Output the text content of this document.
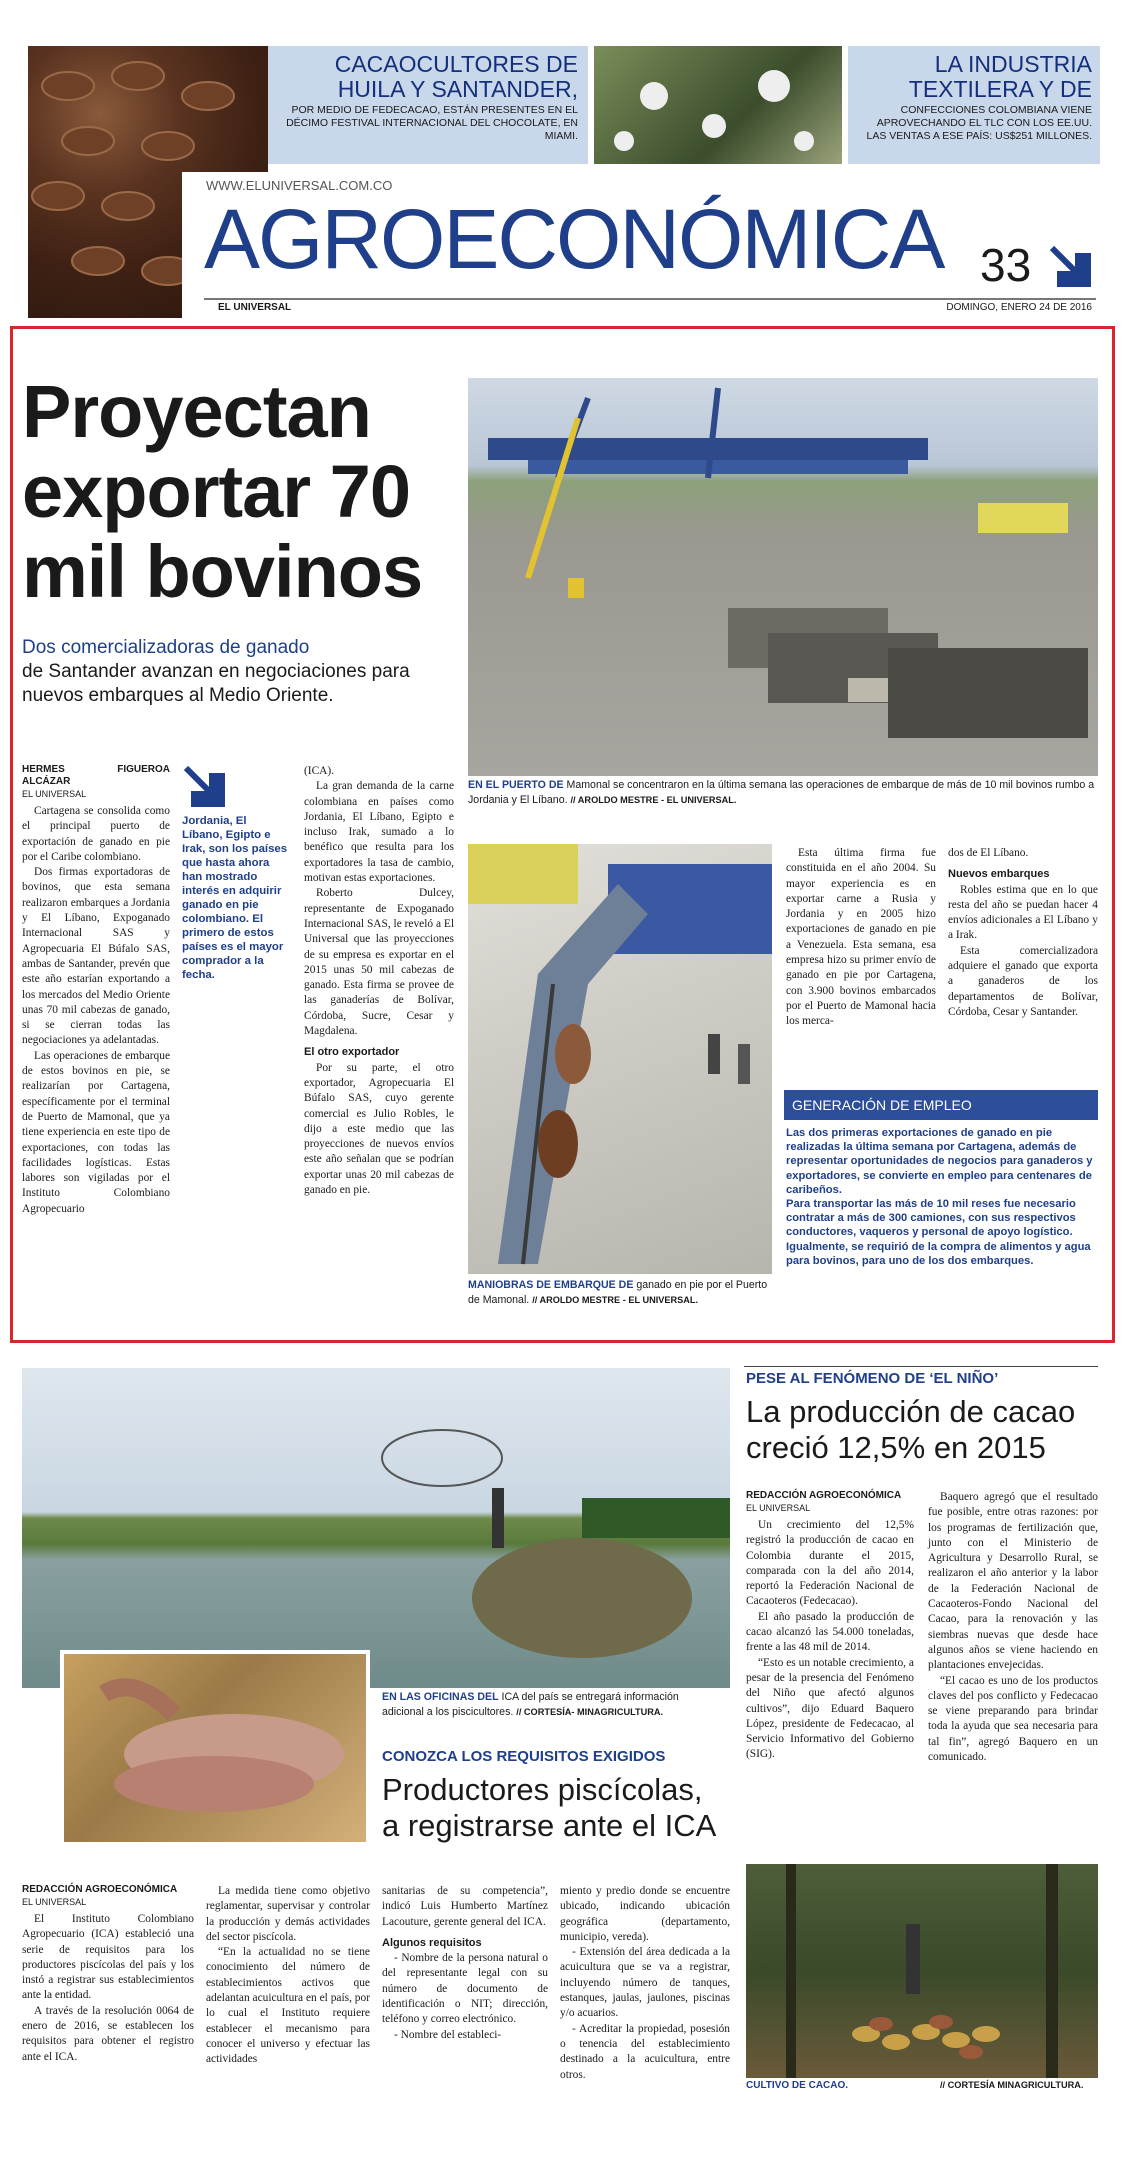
CACAOCULTORES DE HUILA Y SANTANDER,
POR MEDIO DE FEDECACAO, ESTÁN PRESENTES EN EL DÉCIMO FESTIVAL INTERNACIONAL DEL CHOCOLATE, EN MIAMI.
LA INDUSTRIA TEXTILERA Y DE
CONFECCIONES COLOMBIANA VIENE APROVECHANDO EL TLC CON LOS EE.UU. LAS VENTAS A ESE PAÍS: US$251 MILLONES.
WWW.ELUNIVERSAL.COM.CO
AGROECONÓMICA 33
EL UNIVERSAL	DOMINGO, ENERO 24 DE 2016
Proyectan exportar 70 mil bovinos
Dos comercializadoras de ganado
de Santander avanzan en negociaciones para nuevos embarques al Medio Oriente.
EN EL PUERTO DE Mamonal se concentraron en la última semana las operaciones de embarque de más de 10 mil bovinos rumbo a Jordania y El Líbano. // AROLDO MESTRE - EL UNIVERSAL.
HERMES FIGUEROA ALCÁZAR
EL UNIVERSAL

Cartagena se consolida como el principal puerto de exportación de ganado en pie por el Caribe colombiano.

Dos firmas exportadoras de bovinos, que esta semana realizaron embarques a Jordania y El Líbano, Expoganado Internacional SAS y Agropecuaria El Búfalo SAS, ambas de Santander, prevén que este año estarían exportando a los mercados del Medio Oriente unas 70 mil cabezas de ganado, si se cierran todas las negociaciones ya adelantadas.

Las operaciones de embarque de estos bovinos en pie, se realizarían por Cartagena, específicamente por el terminal de Puerto de Mamonal, que ya tiene experiencia en este tipo de exportaciones, con todas las facilidades logísticas. Estas labores son vigiladas por el Instituto Colombiano Agropecuario

Jordania, El Líbano, Egipto e Irak, son los países que hasta ahora han mostrado interés en adquirir ganado en pie colombiano. El primero de estos países es el mayor comprador a la fecha.

(ICA).

La gran demanda de la carne colombiana en países como Jordania, El Líbano, Egipto e incluso Irak, sumado a lo benéfico que resulta para los exportadores la tasa de cambio, motivan estas exportaciones.

Roberto Dulcey, representante de Expoganado Internacional SAS, le reveló a El Universal que las proyecciones de su empresa es exportar en el 2015 unas 50 mil cabezas de ganado. Esta firma se provee de las ganaderías de Bolívar, Córdoba, Sucre, Cesar y Magdalena.

El otro exportador

Por su parte, el otro exportador, Agropecuaria El Búfalo SAS, cuyo gerente comercial es Julio Robles, le dijo a este medio que las proyecciones de nuevos envíos este año señalan que se podrían exportar unas 20 mil cabezas de ganado en pie.

MANIOBRAS DE EMBARQUE DE ganado en pie por el Puerto de Mamonal. // AROLDO MESTRE - EL UNIVERSAL.

Esta última firma fue constituida en el año 2004. Su mayor experiencia es en exportar carne a Rusia y Jordania y en 2005 hizo exportaciones de ganado en pie a Venezuela. Esta semana, esa empresa hizo su primer envío de ganado en pie por Cartagena, con 3.900 bovinos embarcados por el Puerto de Mamonal hacia los merca-

dos de El Líbano.

Nuevos embarques

Robles estima que en lo que resta del año se puedan hacer 4 envíos adicionales a El Líbano y a Irak.

Esta comercializadora adquiere el ganado que exporta a ganaderos de los departamentos de Bolívar, Córdoba, Cesar y Santander.

GENERACIÓN DE EMPLEO

Las dos primeras exportaciones de ganado en pie realizadas la última semana por Cartagena, además de representar oportunidades de negocios para ganaderos y exportadores, se convierte en empleo para centenares de caribeños.

Para transportar las más de 10 mil reses fue necesario contratar a más de 300 camiones, con sus respectivos conductores, vaqueros y personal de apoyo logístico. Igualmente, se requirió de la compra de alimentos y agua para bovinos, para uno de los dos embarques.

EN LAS OFICINAS DEL ICA del país se entregará información adicional a los piscicultores. // CORTESÍA- MINAGRICULTURA.
CONOZCA LOS REQUISITOS EXIGIDOS
Productores piscícolas, a registrarse ante el ICA
REDACCIÓN AGROECONÓMICA
EL UNIVERSAL

El Instituto Colombiano Agropecuario (ICA) estableció una serie de requisitos para los productores piscícolas del país y los instó a registrar sus establecimientos ante la entidad.

A través de la resolución 0064 de enero de 2016, se establecen los requisitos para obtener el registro ante el ICA.

La medida tiene como objetivo reglamentar, supervisar y controlar la producción y demás actividades del sector piscícola.

“En la actualidad no se tiene conocimiento del número de establecimientos activos que adelantan acuicultura en el país, por lo cual el Instituto requiere establecer el mecanismo para conocer el universo y efectuar las actividades

sanitarias de su competencia”, indicó Luis Humberto Martínez Lacouture, gerente general del ICA.

Algunos requisitos

- Nombre de la persona natural o del representante legal con su número de documento de identificación o NIT; dirección, teléfono y correo electrónico.

- Nombre del estableci-

miento y predio donde se encuentre ubicado, indicando ubicación geográfica (departamento, municipio, vereda).

- Extensión del área dedicada a la acuicultura que se va a registrar, incluyendo número de tanques, estanques, jaulas, jaulones, piscinas y/o acuarios.

- Acreditar la propiedad, posesión o tenencia del establecimiento destinado a la acuicultura, entre otros.

PESE AL FENÓMENO DE ‘EL NIÑO’
La producción de cacao creció 12,5% en 2015
REDACCIÓN AGROECONÓMICA
EL UNIVERSAL

Un crecimiento del 12,5% registró la producción de cacao en Colombia durante el 2015, comparada con la del año 2014, reportó la Federación Nacional de Cacaoteros (Fedecacao).

El año pasado la producción de cacao alcanzó las 54.000 toneladas, frente a las 48 mil de 2014.

“Esto es un notable crecimiento, a pesar de la presencia del Fenómeno del Niño que afectó algunos cultivos”, dijo Eduard Baquero López, presidente de Fedecacao, al Servicio Informativo del Gobierno (SIG).

Baquero agregó que el resultado fue posible, entre otras razones: por los programas de fertilización que, junto con el Ministerio de Agricultura y Desarrollo Rural, se realizaron el año anterior y la labor de la Federación Nacional de Cacaoteros-Fondo Nacional del Cacao, para la renovación y las siembras nuevas que desde hace algunos años se viene haciendo en plantaciones envejecidas.

“El cacao es uno de los productos claves del pos conflicto y Fedecacao se viene preparando para brindar toda la ayuda que sea necesaria para tal fin”, agregó Baquero en un comunicado.

CULTIVO DE CACAO.	// CORTESÍA MINAGRICULTURA.
